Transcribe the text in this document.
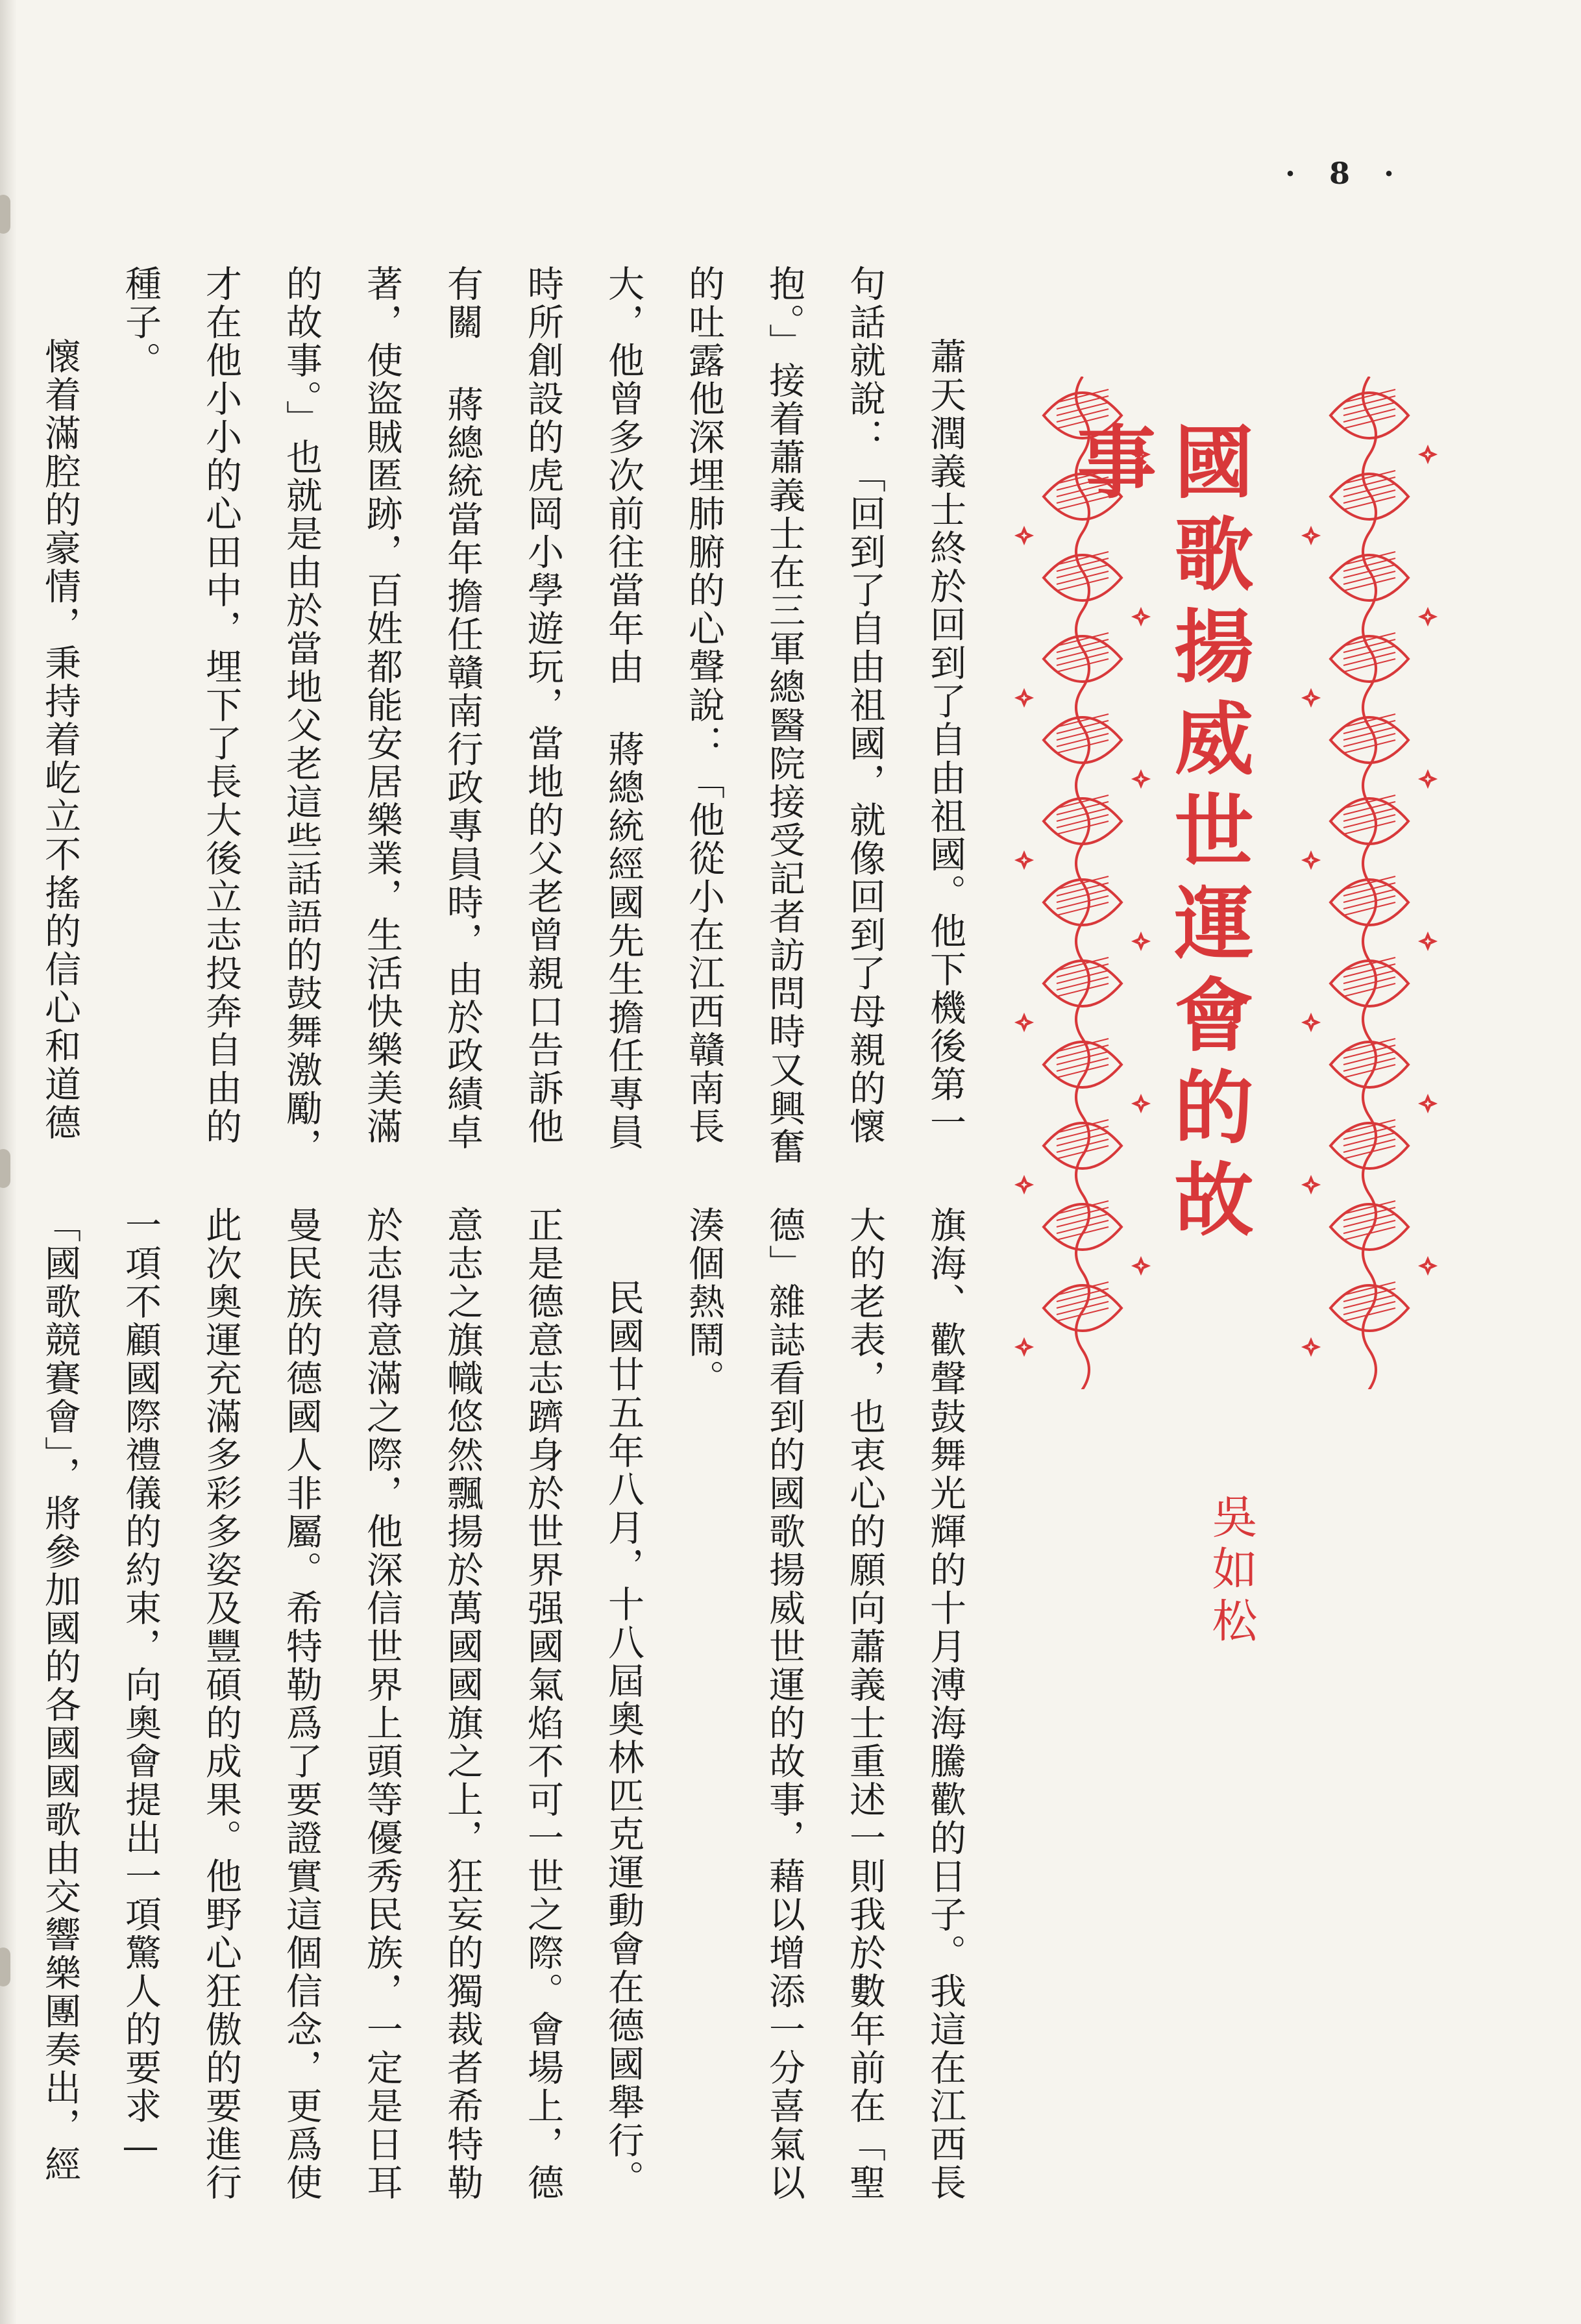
· 8 ·
國歌揚威世運會的故事
吳如松

蕭天潤義士終於回到了自由祖國。他下機後第一句話就說：「回到了自由祖國，就像回到了母親的懷抱。」接着蕭義士在三軍總醫院接受記者訪問時又興奮的吐露他深埋肺腑的心聲說：「他從小在江西贛南長大，他曾多次前往當年由 蔣總統經國先生擔任專員時所創設的虎岡小學遊玩，當地的父老曾親口告訴他有關 蔣總統當年擔任贛南行政專員時，由於政績卓著，使盜賊匿跡，百姓都能安居樂業，生活快樂美滿的故事。」也就是由於當地父老這些話語的鼓舞激勵，才在他小小的心田中，埋下了長大後立志投奔自由的種子。

懷着滿腔的豪情，秉持着屹立不搖的信心和道德

旗海、歡聲鼓舞光輝的十月溥海騰歡的日子。我這在江西長大的老表，也衷心的願向蕭義士重述一則我於數年前在「聖德」雜誌看到的國歌揚威世運的故事，藉以增添一分喜氣以湊個熱鬧。

民國廿五年八月，十八屆奧林匹克運動會在德國舉行。正是德意志躋身於世界强國氣焰不可一世之際。會場上，德意志之旗幟悠然飄揚於萬國國旗之上，狂妄的獨裁者希特勒於志得意滿之際，他深信世界上頭等優秀民族，一定是日耳曼民族的德國人非屬。希特勒爲了要證實這個信念，更爲使此次奧運充滿多彩多姿及豐碩的成果。他野心狂傲的要進行一項不顧國際禮儀的約束，向奧會提出一項驚人的要求—「國歌競賽會」，將參加國的各國國歌由交響樂團奏出，經
